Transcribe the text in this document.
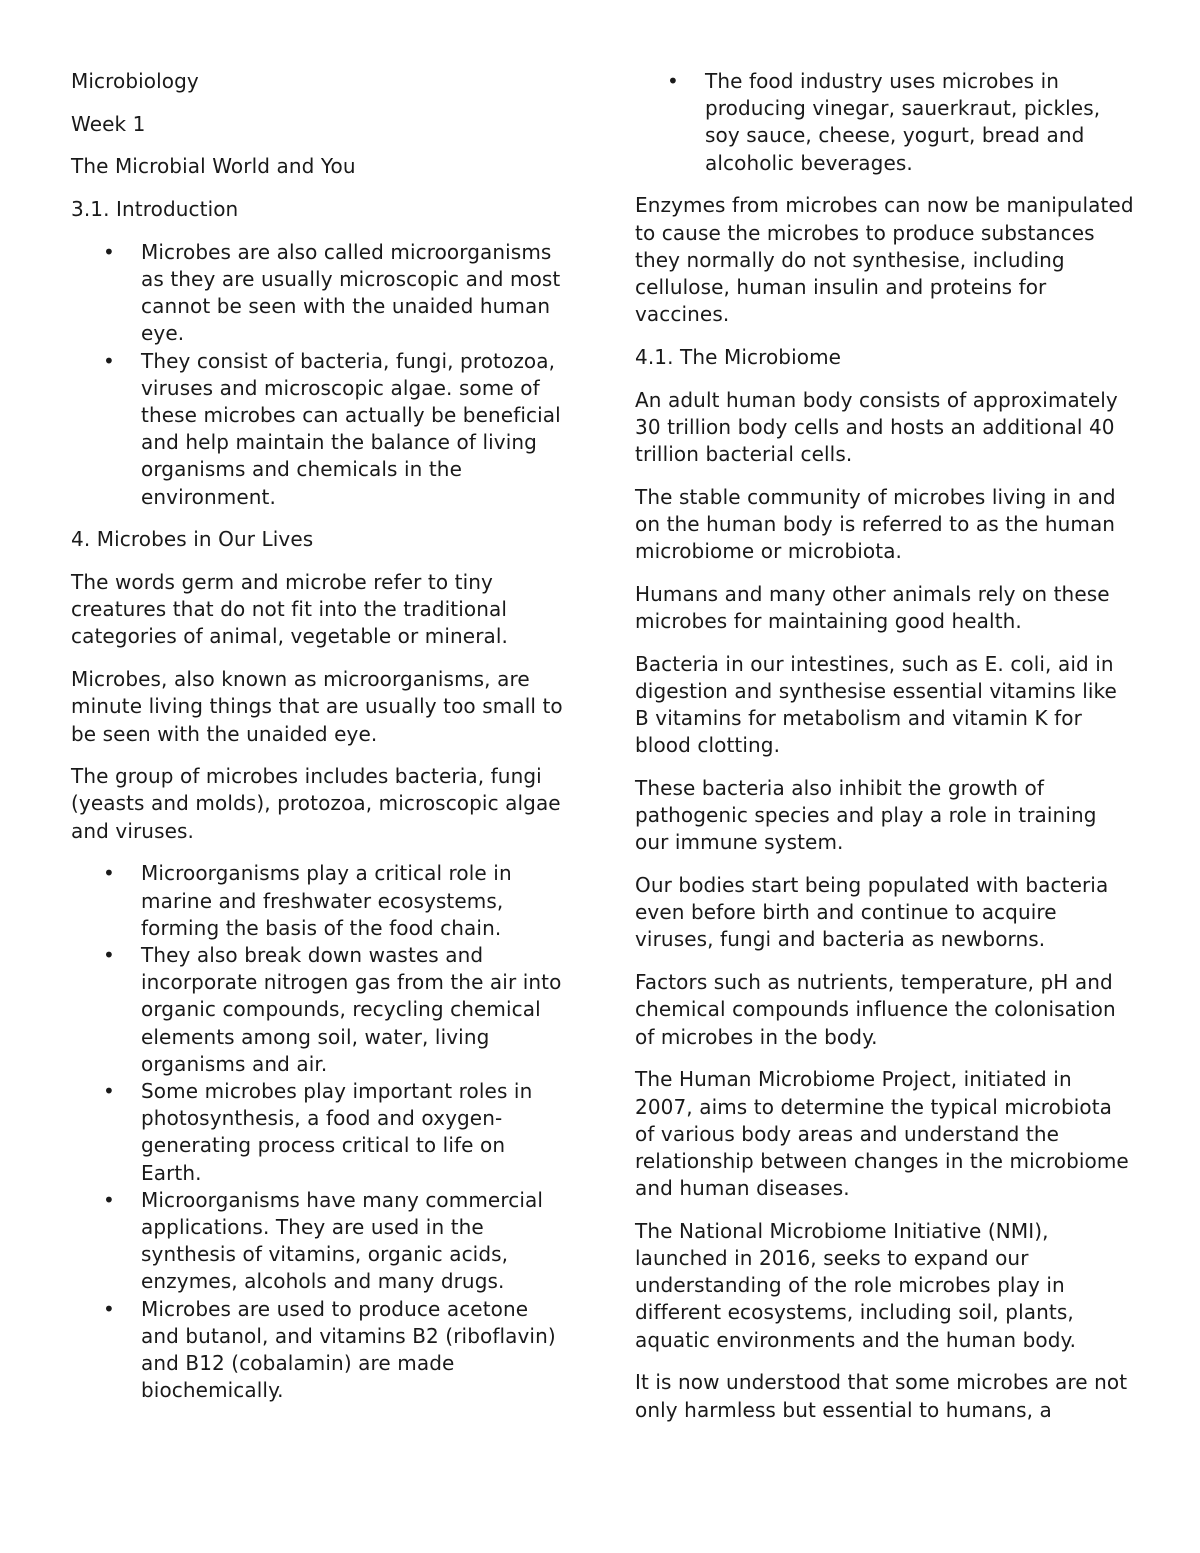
Microbiology

Week 1

The Microbial World and You

3.1. Introduction

• Microbes are also called microorganisms as they are usually microscopic and most cannot be seen with the unaided human eye.
• They consist of bacteria, fungi, protozoa, viruses and microscopic algae. some of these microbes can actually be beneficial and help maintain the balance of living organisms and chemicals in the environment.

4. Microbes in Our Lives

The words germ and microbe refer to tiny creatures that do not fit into the traditional categories of animal, vegetable or mineral.

Microbes, also known as microorganisms, are minute living things that are usually too small to be seen with the unaided eye.

The group of microbes includes bacteria, fungi (yeasts and molds), protozoa, microscopic algae and viruses.

• Microorganisms play a critical role in marine and freshwater ecosystems, forming the basis of the food chain.
• They also break down wastes and incorporate nitrogen gas from the air into organic compounds, recycling chemical elements among soil, water, living organisms and air.
• Some microbes play important roles in photosynthesis, a food and oxygen-generating process critical to life on Earth.
• Microorganisms have many commercial applications. They are used in the synthesis of vitamins, organic acids, enzymes, alcohols and many drugs.
• Microbes are used to produce acetone and butanol, and vitamins B2 (riboflavin) and B12 (cobalamin) are made biochemically.
• The food industry uses microbes in producing vinegar, sauerkraut, pickles, soy sauce, cheese, yogurt, bread and alcoholic beverages.

Enzymes from microbes can now be manipulated to cause the microbes to produce substances they normally do not synthesise, including cellulose, human insulin and proteins for vaccines.

4.1. The Microbiome

An adult human body consists of approximately 30 trillion body cells and hosts an additional 40 trillion bacterial cells.

The stable community of microbes living in and on the human body is referred to as the human microbiome or microbiota.

Humans and many other animals rely on these microbes for maintaining good health.

Bacteria in our intestines, such as E. coli, aid in digestion and synthesise essential vitamins like B vitamins for metabolism and vitamin K for blood clotting.

These bacteria also inhibit the growth of pathogenic species and play a role in training our immune system.

Our bodies start being populated with bacteria even before birth and continue to acquire viruses, fungi and bacteria as newborns.

Factors such as nutrients, temperature, pH and chemical compounds influence the colonisation of microbes in the body.

The Human Microbiome Project, initiated in 2007, aims to determine the typical microbiota of various body areas and understand the relationship between changes in the microbiome and human diseases.

The National Microbiome Initiative (NMI), launched in 2016, seeks to expand our understanding of the role microbes play in different ecosystems, including soil, plants, aquatic environments and the human body.

It is now understood that some microbes are not only harmless but essential to humans, a
